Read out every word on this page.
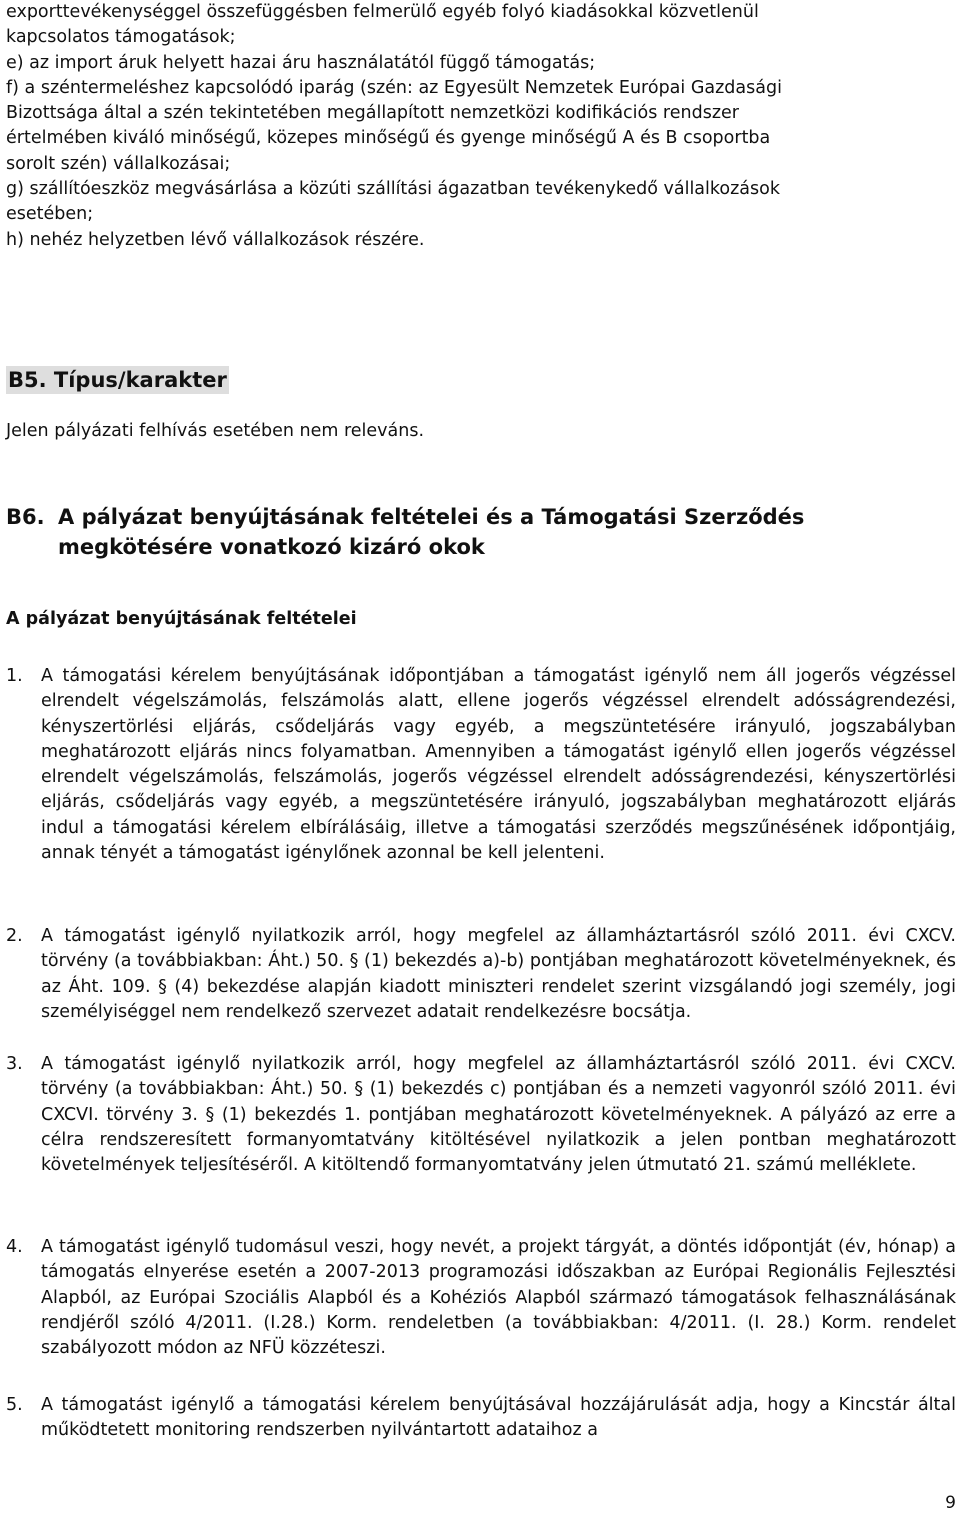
exporttevékenységgel összefüggésben felmerülő egyéb folyó kiadásokkal közvetlenül
kapcsolatos támogatások;
e) az import áruk helyett hazai áru használatától függő támogatás;
f) a széntermeléshez kapcsolódó iparág (szén: az Egyesült Nemzetek Európai Gazdasági
Bizottsága által a szén tekintetében megállapított nemzetközi kodifikációs rendszer
értelmében kiváló minőségű, közepes minőségű és gyenge minőségű A és B csoportba
sorolt szén) vállalkozásai;
g) szállítóeszköz megvásárlása a közúti szállítási ágazatban tevékenykedő vállalkozások
esetében;
h) nehéz helyzetben lévő vállalkozások részére.
B5. Típus/karakter
Jelen pályázati felhívás esetében nem releváns.
B6. A pályázat benyújtásának feltételei és a Támogatási Szerződés megkötésére vonatkozó kizáró okok
A pályázat benyújtásának feltételei
1.	A támogatási kérelem benyújtásának időpontjában a támogatást igénylő nem áll jogerős végzéssel elrendelt végelszámolás, felszámolás alatt, ellene jogerős végzéssel elrendelt adósságrendezési, kényszertörlési eljárás, csődeljárás vagy egyéb, a megszüntetésére irányuló, jogszabályban meghatározott eljárás nincs folyamatban. Amennyiben a támogatást igénylő ellen jogerős végzéssel elrendelt végelszámolás, felszámolás, jogerős végzéssel elrendelt adósságrendezési, kényszertörlési eljárás, csődeljárás vagy egyéb, a megszüntetésére irányuló, jogszabályban meghatározott eljárás indul a támogatási kérelem elbírálásáig, illetve a támogatási szerződés megszűnésének időpontjáig, annak tényét a támogatást igénylőnek azonnal be kell jelenteni.
2.	A támogatást igénylő nyilatkozik arról, hogy megfelel az államháztartásról szóló 2011. évi CXCV. törvény (a továbbiakban: Áht.) 50. § (1) bekezdés a)-b) pontjában meghatározott követelményeknek, és az Áht. 109. § (4) bekezdése alapján kiadott miniszteri rendelet szerint vizsgálandó jogi személy, jogi személyiséggel nem rendelkező szervezet adatait rendelkezésre bocsátja.
3.	A támogatást igénylő nyilatkozik arról, hogy megfelel az államháztartásról szóló 2011. évi CXCV. törvény (a továbbiakban: Áht.) 50. § (1) bekezdés c) pontjában és a nemzeti vagyonról szóló 2011. évi CXCVI. törvény 3. § (1) bekezdés 1. pontjában meghatározott követelményeknek. A pályázó az erre a célra rendszeresített formanyomtatvány kitöltésével nyilatkozik a jelen pontban meghatározott követelmények teljesítéséről. A kitöltendő formanyomtatvány jelen útmutató 21. számú melléklete.
4.	A támogatást igénylő tudomásul veszi, hogy nevét, a projekt tárgyát, a döntés időpontját (év, hónap) a támogatás elnyerése esetén a 2007-2013 programozási időszakban az Európai Regionális Fejlesztési Alapból, az Európai Szociális Alapból és a Kohéziós Alapból származó támogatások felhasználásának rendjéről szóló 4/2011. (I.28.) Korm. rendeletben (a továbbiakban: 4/2011. (I. 28.) Korm. rendelet szabályozott módon az NFÜ közzéteszi.
5.	A támogatást igénylő a támogatási kérelem benyújtásával hozzájárulását adja, hogy a Kincstár által működtetett monitoring rendszerben nyilvántartott adataihoz a
9
